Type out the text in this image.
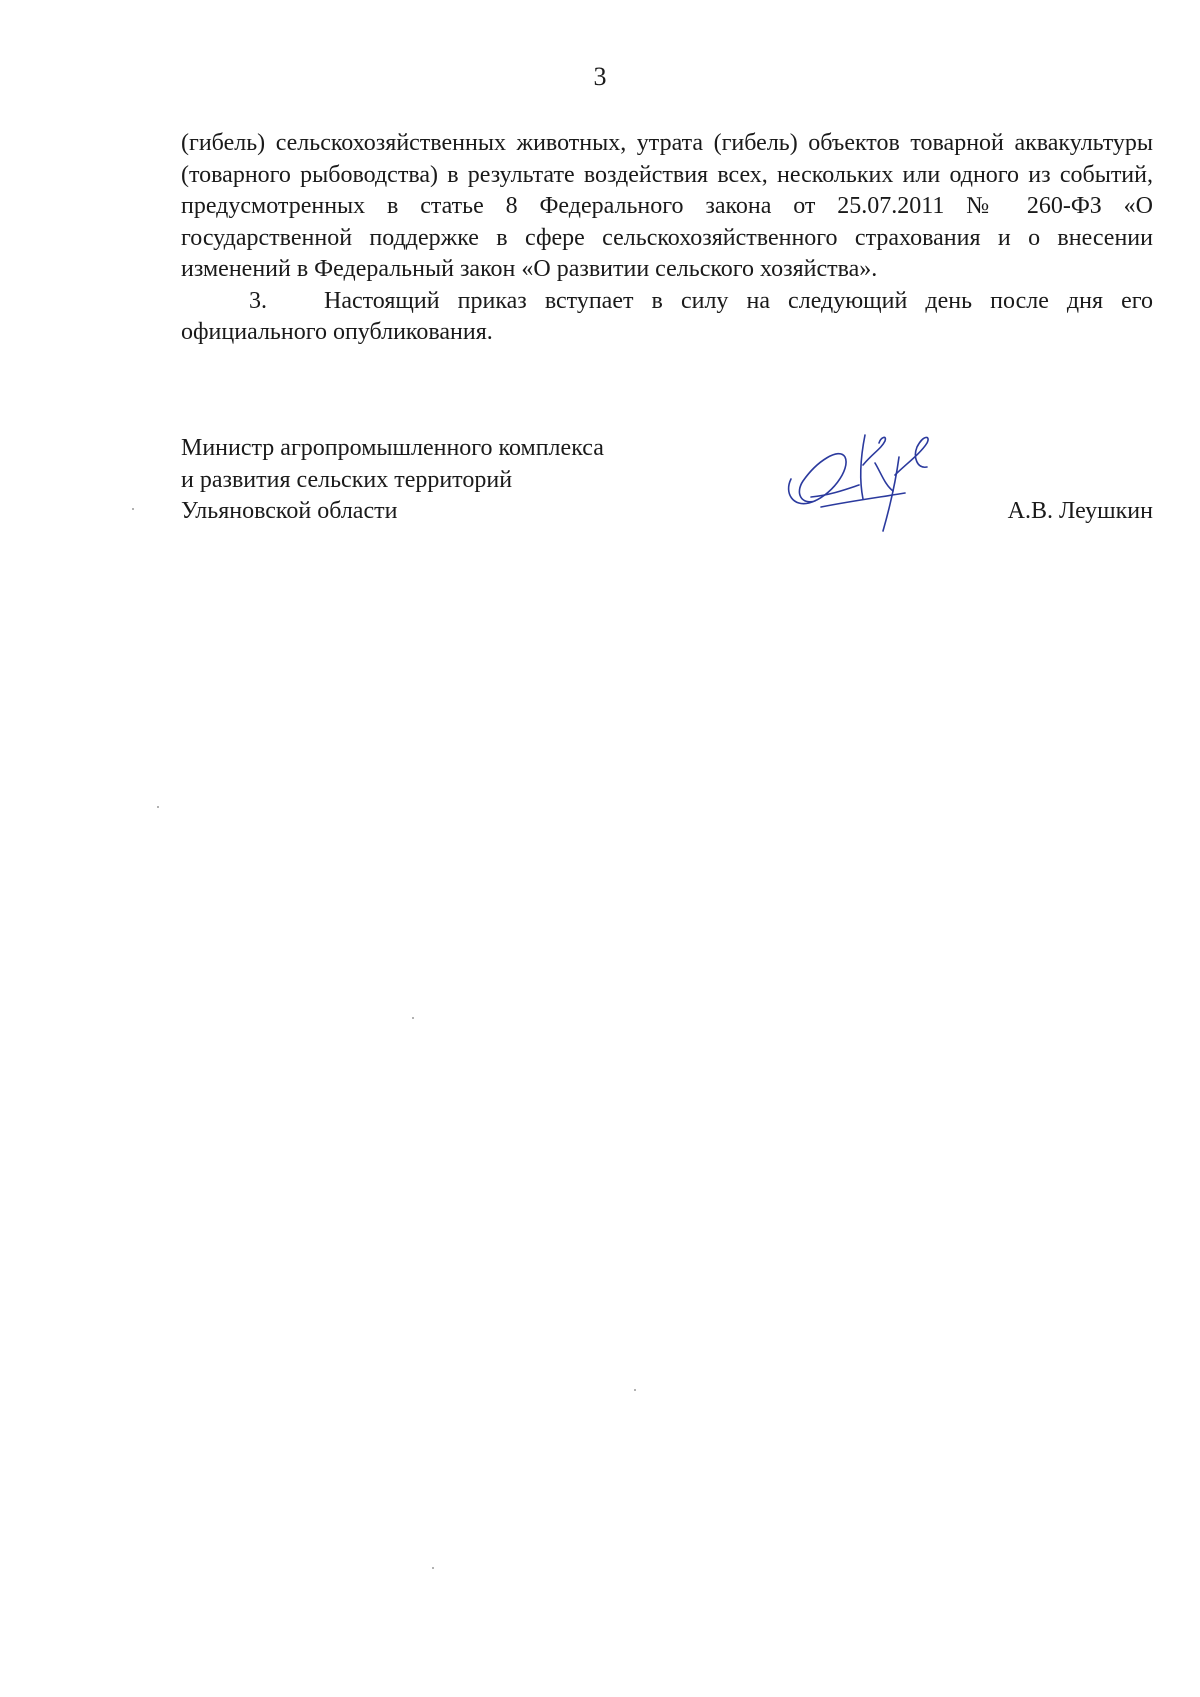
3

(гибель) сельскохозяйственных животных, утрата (гибель) объектов товарной аквакультуры (товарного рыбоводства) в результате воздействия всех, нескольких или одного из событий, предусмотренных в статье 8 Федерального закона от 25.07.2011 № 260-ФЗ «О государственной поддержке в сфере сельскохозяйственного страхования и о внесении изменений в Федеральный закон «О развитии сельского хозяйства».

3. Настоящий приказ вступает в силу на следующий день после дня его официального опубликования.

Министр агропромышленного комплекса
и развития сельских территорий
Ульяновской области	А.В. Леушкин
